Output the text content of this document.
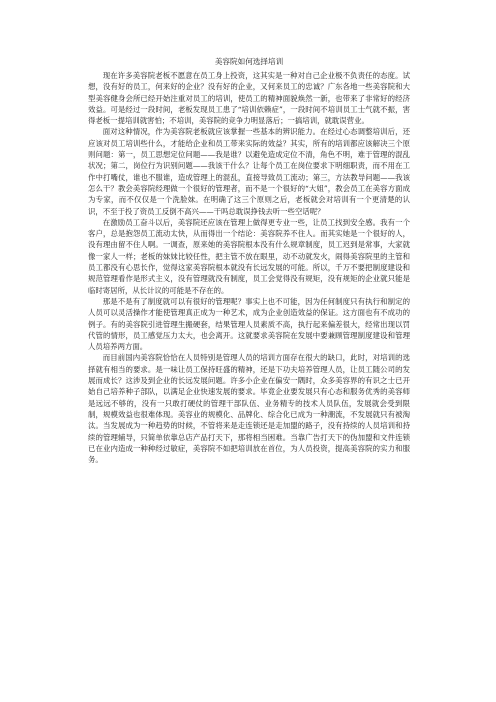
美容院如何选择培训

现在许多美容院老板不愿意在员工身上投资，这其实是一种对自己企业极不负责任的态度。试想，没有好的员工，何来好的企业？没有好的企业，又何来员工的忠诚？广东各地一些美容院和大型美容健身会所已经开始注重对员工的培训，使员工的精神面貌焕然一新，也带来了非常好的经济效益。可是经过一段时间，老板发现员工患了“培训依赖症”，一段时间不培训员工士气就不振，害得老板一提培训就害怕；不培训，美容院的竞争力明显落后；一搞培训，就耽误营业。

面对这种情况，作为美容院老板就应该掌握一些基本的辨识能力。在经过心态调整培训后，还应该对员工培训些什么，才能给企业和员工带来实际的效益？其实，所有的培训都应该解决三个原则问题：第一，员工思想定位问题——我是谁？以避免造成定位不清，角色不明，难于管理的混乱状况；第二，岗位行为识别问题——我该干什么？让每个员工在岗位要求下明细职责，而不用在工作中打嘴仗，谁也不服谁，造成管理上的混乱，直接导致员工流动；第三，方法教导问题——我该怎么干？教会美容院经理做一个很好的管理者，而不是一个很好的“大姐”，教会员工在美容方面成为专家，而不仅仅是一个洗脸妹。在明确了这三个原则之后，老板就会对培训有一个更清楚的认识，不至于投了资员工反倒不高兴——干吗总耽误挣钱去听一些空话呢？

在激励员工奋斗以后，美容院还应该在管理上做得更专业一些，让员工找到安全感。我有一个客户，总是抱怨员工流动太快，从而得出一个结论：美容院养不住人。而其实她是一个很好的人，没有理由留不住人啊。一调查，原来她的美容院根本没有什么规章制度，员工迟到是常事，大家就像一家人一样；老板的妹妹比较任性，把主管不放在眼里，动不动就发火，闹得美容院里的主管和员工都没有心思长作，觉得这家美容院根本就没有长远发展的可能。所以，千万不要把制度建设和规范管理看作是形式主义，没有管理就没有制度，员工会觉得没有规矩，没有规矩的企业就只能是临时寄居所，从长计议的可能是不存在的。

那是不是有了制度就可以有很好的管理呢？事实上也不可能，因为任何制度只有执行和制定的人员可以灵活操作才能使管理真正成为一种艺术，成为企业创造效益的保证。这方面也有不成功的例子。有的美容院引进管理生搬硬套，结果管理人员素质不高，执行起来偏差很大，经常出现以罚代管的情形，员工感觉压力太大，也会离开。这就要求美容院在发展中要兼顾管理制度建设和管理人员培养两方面。

而目前国内美容院恰恰在人员特别是管理人员的培训方面存在很大的缺口，此时，对培训的选择就有相当的要求。是一味让员工保持旺盛的精神，还是下功夫培养管理人员，让员工随公司的发展而成长？这涉及到企业的长远发展问题。许多小企业在偏安一隅时，众多美容界的有识之士已开始自己培养种子部队，以满足企业快速发展的要求。毕竟企业要发展只有心态和服务优秀的美容师是远远不够的，没有一只敢打硬仗的管理干部队伍、业务精专的技术人员队伍，发展就会受到限制，规模效益也很难体现。美容业的规模化、品牌化、综合化已成为一种潮流，不发展就只有被淘汰。当发展成为一种趋势的时候，不管将来是走连锁还是走加盟的路子，没有持续的人员培训和持续的管理辅导，只简单依靠总店产品打天下，那将相当困难。当靠广告打天下的伪加盟和文件连锁已在业内造成一种种经过敏症，美容院不如把培训放在首位，为人员投资，提高美容院的实力和服务。
